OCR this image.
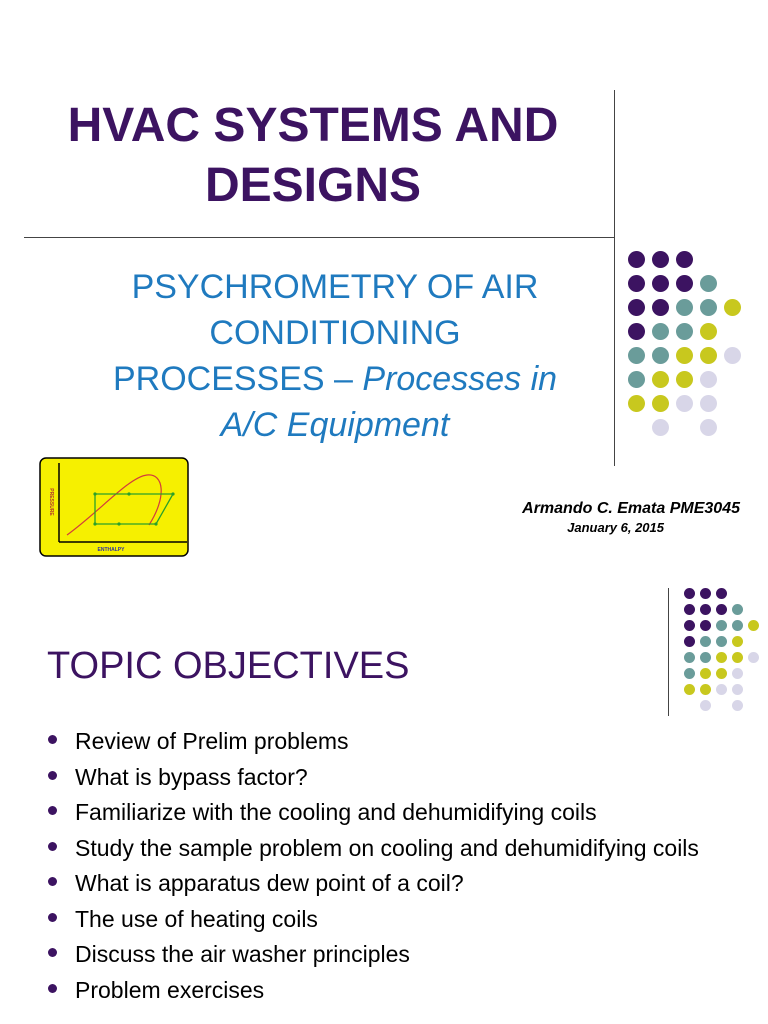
HVAC SYSTEMS AND
DESIGNS
PSYCHROMETRY OF AIR
CONDITIONING
PROCESSES – Processes in
A/C Equipment
PRESSURE
ENTHALPY
Armando C. Emata PME3045
January 6, 2015
TOPIC OBJECTIVES
Review of Prelim problems
What is bypass factor?
Familiarize with the cooling and dehumidifying coils
Study the sample problem on cooling and dehumidifying coils
What is apparatus dew point of a coil?
The use of heating coils
Discuss the air washer principles
Problem exercises
